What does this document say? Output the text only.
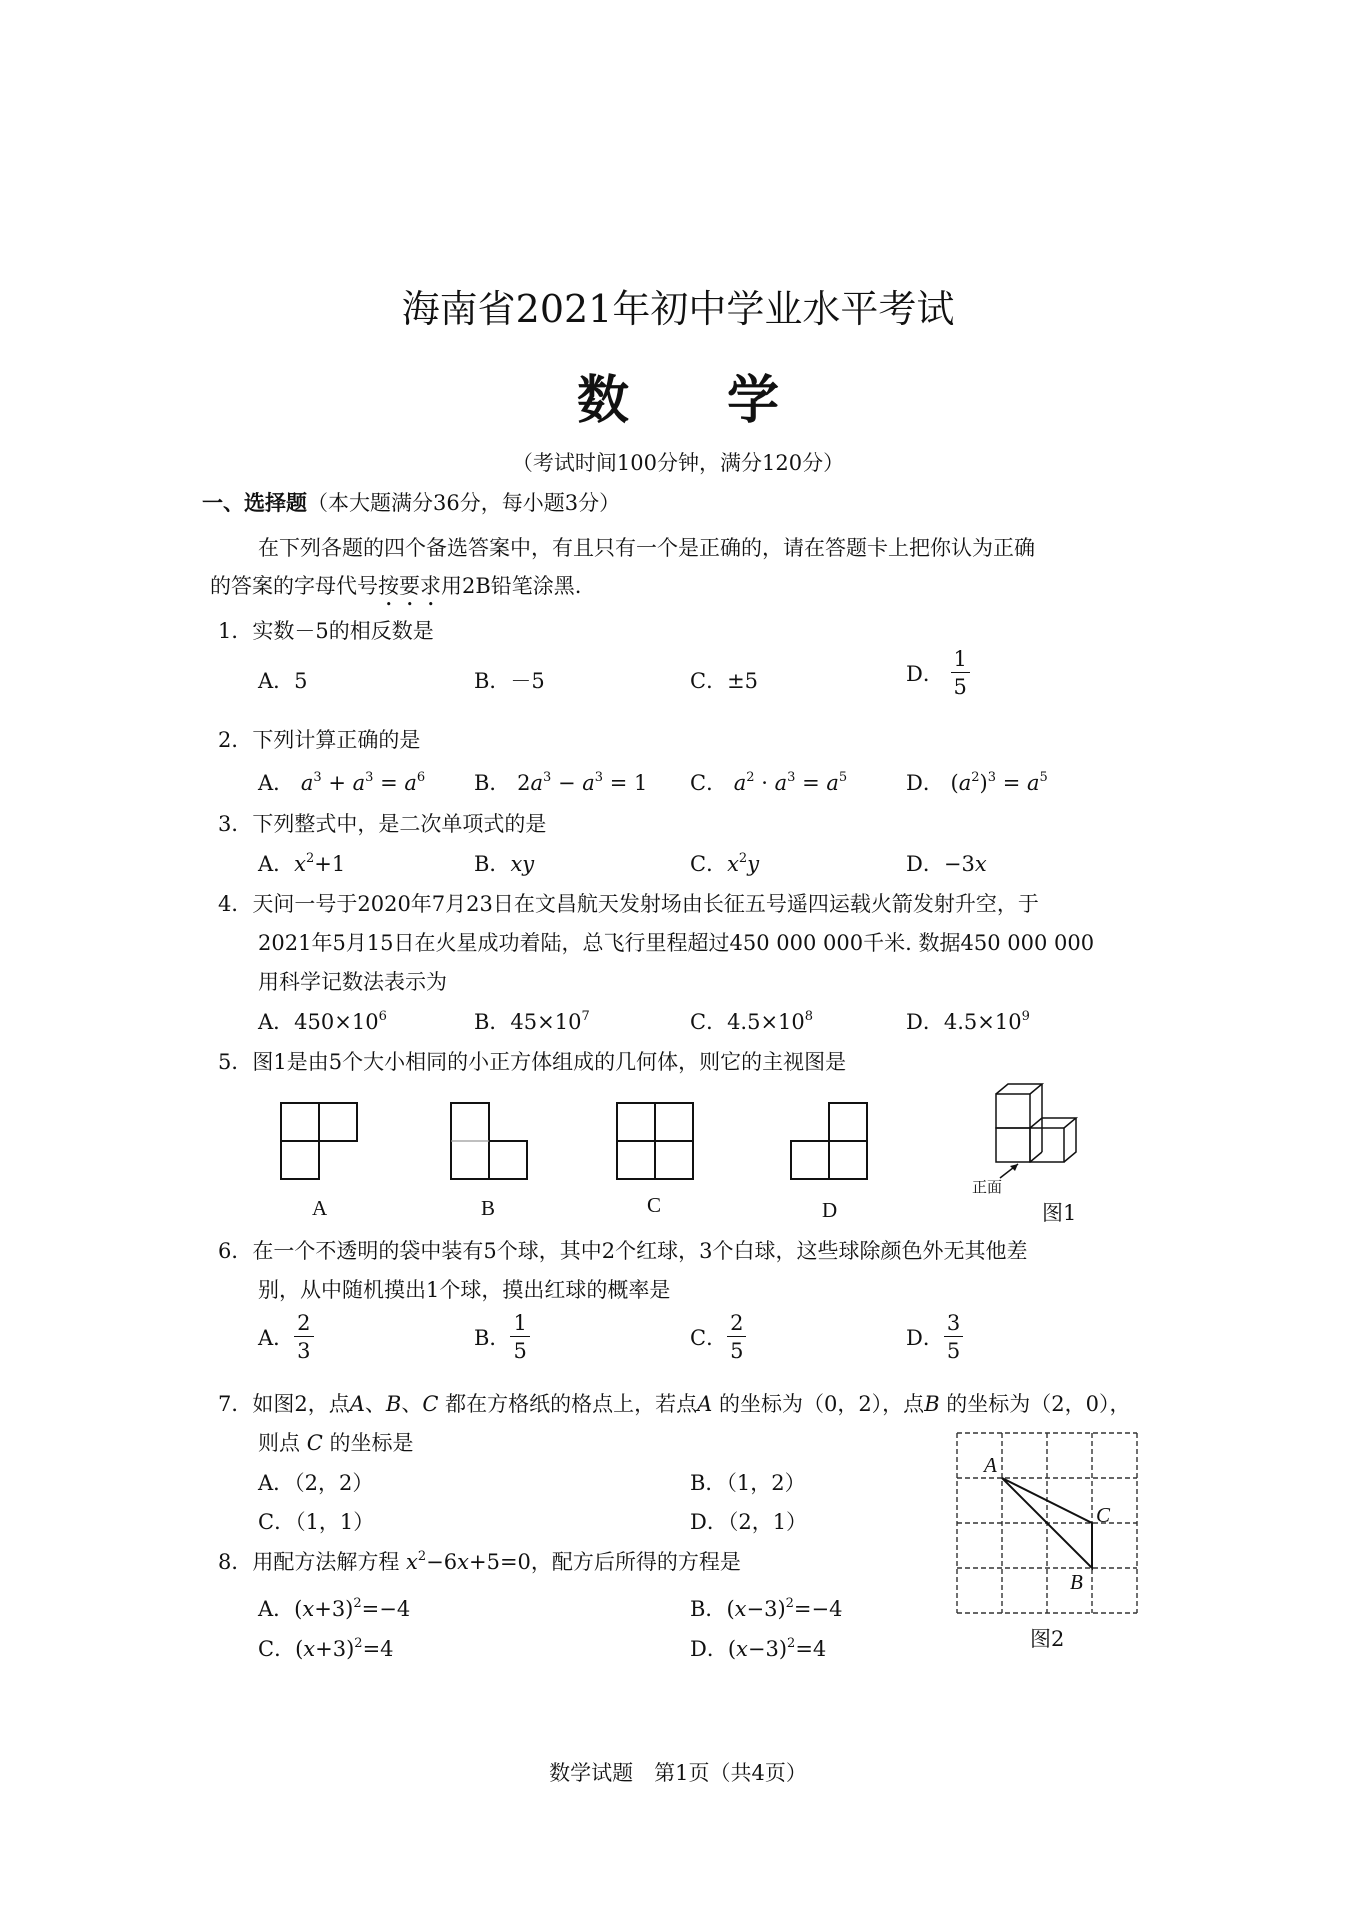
海南省2021年初中学业水平考试
数 学
（考试时间100分钟，满分120分）
一、选择题（本大题满分36分，每小题3分）
在下列各题的四个备选答案中，有且只有一个是正确的，请在答题卡上把你认为正确
的答案的字母代号按要求用2B铅笔涂黑.
1．实数－5的相反数是
A．5	B．－5	C．±5	D． $\frac{1}{5}$
2．下列计算正确的是
A． $a^3 + a^3 = a^6$ B． $2a^3 - a^3 = 1$ C． $a^2 \cdot a^3 = a^5$	D． $(a^2)^3 = a^5$
3．下列整式中，是二次单项式的是
A．$x^2+1$	B．xy	C．$x^2y$	D．−3x
4．天问一号于2020年7月23日在文昌航天发射场由长征五号遥四运载火箭发射升空，于
2021年5月15日在火星成功着陆，总飞行里程超过450 000 000千米. 数据450 000 000
用科学记数法表示为
A．$450\times 10^6$	B．$45\times 10^7$	C．$4.5\times 10^8$	D．$4.5\times 10^9$
5．图1是由5个大小相同的小正方体组成的几何体，则它的主视图是
A	B	C	D
正面
图1
6．在一个不透明的袋中装有5个球，其中2个红球，3个白球，这些球除颜色外无其他差
别，从中随机摸出1个球，摸出红球的概率是
A． $\frac{2}{3}$	B． $\frac{1}{5}$	C． $\frac{2}{5}$	D． $\frac{3}{5}$
7．如图2，点A、B、C 都在方格纸的格点上，若点A 的坐标为（0，2），点B 的坐标为（2，0），
则点 C 的坐标是
A．（2，2）	B．（1，2）
C．（1，1）	D．（2，1）
A
C
B
图2
8．用配方法解方程 $x^2-6x+5=0$，配方后所得的方程是
A．$(x+3)^2=-4$	B．$(x-3)^2=-4$
C．$(x+3)^2=4$	D．$(x-3)^2=4$
数学试题　第1页（共4页）
